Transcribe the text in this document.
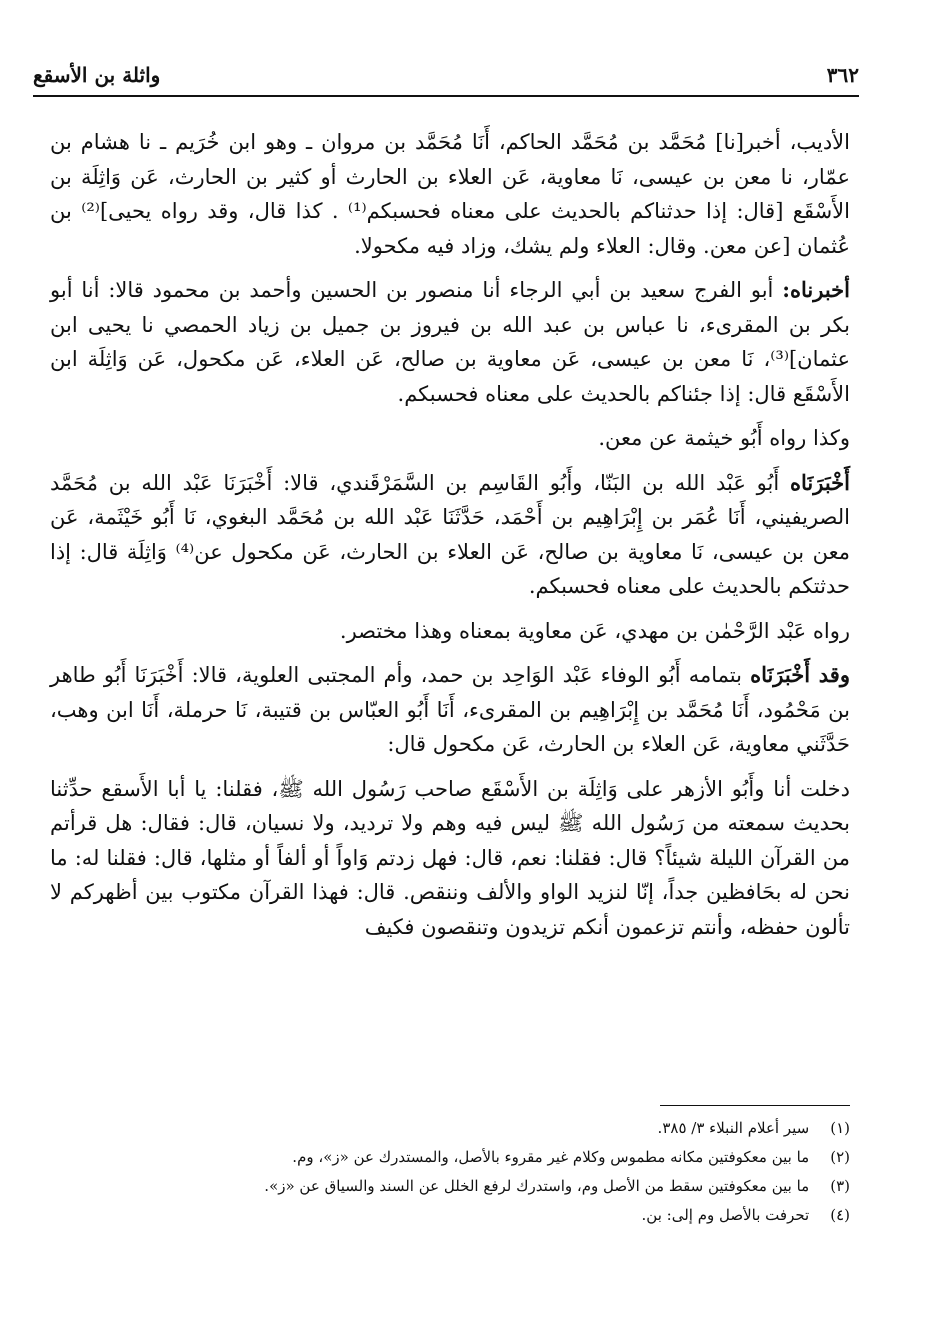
٣٦٢
واثلة بن الأسقع

الأديب، أخبر[نا] مُحَمَّد بن مُحَمَّد الحاكم، أَنَا مُحَمَّد بن مروان ـ وهو ابن خُرَيم ـ نا هشام بن عمّار، نا معن بن عيسى، نَا معاوية، عَن العلاء بن الحارث أو كثير بن الحارث، عَن وَاثِلَة بن الأَسْقَع [قال: إذا حدثناكم بالحديث على معناه فحسبكم⁽¹⁾ . كذا قال، وقد رواه يحيى]⁽²⁾ بن عُثمان [عن معن. وقال: العلاء ولم يشك، وزاد فيه مكحولا.

أخبرناه: أبو الفرج سعيد بن أبي الرجاء أنا منصور بن الحسين وأحمد بن محمود قالا: أنا أبو بكر بن المقرىء، نا عباس بن عبد الله بن فيروز بن جميل بن زياد الحمصي نا يحيى ابن عثمان]⁽³⁾، نَا معن بن عيسى، عَن معاوية بن صالح، عَن العلاء، عَن مكحول، عَن وَاثِلَة ابن الأَسْقَع قال: إذا جئناكم بالحديث على معناه فحسبكم.

وكذا رواه أَبُو خيثمة عن معن.

أَخْبَرَنَاه أَبُو عَبْد الله بن البَنّا، وأَبُو القَاسِم بن السَّمَرْقَندي، قالا: أَخْبَرَنَا عَبْد الله بن مُحَمَّد الصريفيني، أَنَا عُمَر بن إِبْرَاهِيم بن أَحْمَد، حَدَّثَنَا عَبْد الله بن مُحَمَّد البغوي، نَا أَبُو خَيْثَمة، عَن معن بن عيسى، نَا معاوية بن صالح، عَن العلاء بن الحارث، عَن مكحول عن⁽⁴⁾ وَاثِلَة قال: إذا حدثتكم بالحديث على معناه فحسبكم.

رواه عَبْد الرَّحْمٰن بن مهدي، عَن معاوية بمعناه وهذا مختصر.

وقد أَخْبَرَنَاه بتمامه أَبُو الوفاء عَبْد الوَاحِد بن حمد، وأم المجتبى العلوية، قالا: أَخْبَرَنَا أَبُو طاهر بن مَحْمُود، أَنَا مُحَمَّد بن إِبْرَاهِيم بن المقرىء، أَنَا أَبُو العبّاس بن قتيبة، نَا حرملة، أَنَا ابن وهب، حَدَّثَني معاوية، عَن العلاء بن الحارث، عَن مكحول قال:

دخلت أنا وأَبُو الأزهر على وَاثِلَة بن الأَسْقَع صاحب رَسُول الله ﷺ، فقلنا: يا أبا الأَسقع حدِّثنا بحديث سمعته من رَسُول الله ﷺ ليس فيه وهم ولا ترديد، ولا نسيان، قال: فقال: هل قرأتم من القرآن الليلة شيئاً؟ قال: فقلنا: نعم، قال: فهل زدتم وَاواً أو ألفاً أو مثلها، قال: فقلنا له: ما نحن له بحَافظين جداً، إنّا لنزيد الواو والألف وننقص. قال: فهذا القرآن مكتوب بين أظهركم لا تألون حفظه، وأنتم تزعمون أنكم تزيدون وتنقصون فكيف

(١) سير أعلام النبلاء ٣/ ٣٨٥.

(٢) ما بين معكوفتين مكانه مطموس وكلام غير مقروء بالأصل، والمستدرك عن «ز»، وم.

(٣) ما بين معكوفتين سقط من الأصل وم، واستدرك لرفع الخلل عن السند والسياق عن «ز».

(٤) تحرفت بالأصل وم إلى: بن.
